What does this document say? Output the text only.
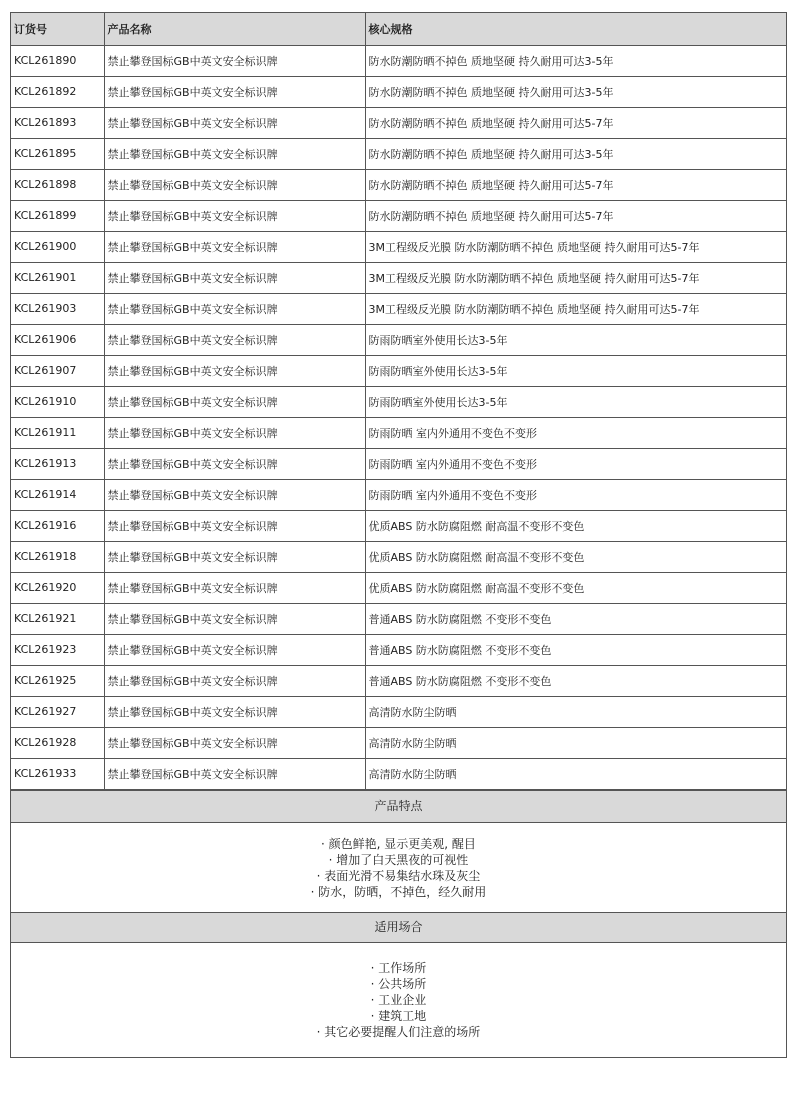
订货号	产品名称	核心规格
KCL261890	禁止攀登国标GB中英文安全标识牌	防水防潮防晒不掉色 质地坚硬 持久耐用可达3-5年
KCL261892	禁止攀登国标GB中英文安全标识牌	防水防潮防晒不掉色 质地坚硬 持久耐用可达3-5年
KCL261893	禁止攀登国标GB中英文安全标识牌	防水防潮防晒不掉色 质地坚硬 持久耐用可达5-7年
KCL261895	禁止攀登国标GB中英文安全标识牌	防水防潮防晒不掉色 质地坚硬 持久耐用可达3-5年
KCL261898	禁止攀登国标GB中英文安全标识牌	防水防潮防晒不掉色 质地坚硬 持久耐用可达5-7年
KCL261899	禁止攀登国标GB中英文安全标识牌	防水防潮防晒不掉色 质地坚硬 持久耐用可达5-7年
KCL261900	禁止攀登国标GB中英文安全标识牌	3M工程级反光膜 防水防潮防晒不掉色 质地坚硬 持久耐用可达5-7年
KCL261901	禁止攀登国标GB中英文安全标识牌	3M工程级反光膜 防水防潮防晒不掉色 质地坚硬 持久耐用可达5-7年
KCL261903	禁止攀登国标GB中英文安全标识牌	3M工程级反光膜 防水防潮防晒不掉色 质地坚硬 持久耐用可达5-7年
KCL261906	禁止攀登国标GB中英文安全标识牌	防雨防晒室外使用长达3-5年
KCL261907	禁止攀登国标GB中英文安全标识牌	防雨防晒室外使用长达3-5年
KCL261910	禁止攀登国标GB中英文安全标识牌	防雨防晒室外使用长达3-5年
KCL261911	禁止攀登国标GB中英文安全标识牌	防雨防晒 室内外通用不变色不变形
KCL261913	禁止攀登国标GB中英文安全标识牌	防雨防晒 室内外通用不变色不变形
KCL261914	禁止攀登国标GB中英文安全标识牌	防雨防晒 室内外通用不变色不变形
KCL261916	禁止攀登国标GB中英文安全标识牌	优质ABS 防水防腐阻燃 耐高温不变形不变色
KCL261918	禁止攀登国标GB中英文安全标识牌	优质ABS 防水防腐阻燃 耐高温不变形不变色
KCL261920	禁止攀登国标GB中英文安全标识牌	优质ABS 防水防腐阻燃 耐高温不变形不变色
KCL261921	禁止攀登国标GB中英文安全标识牌	普通ABS 防水防腐阻燃 不变形不变色
KCL261923	禁止攀登国标GB中英文安全标识牌	普通ABS 防水防腐阻燃 不变形不变色
KCL261925	禁止攀登国标GB中英文安全标识牌	普通ABS 防水防腐阻燃 不变形不变色
KCL261927	禁止攀登国标GB中英文安全标识牌	高清防水防尘防晒
KCL261928	禁止攀登国标GB中英文安全标识牌	高清防水防尘防晒
KCL261933	禁止攀登国标GB中英文安全标识牌	高清防水防尘防晒
产品特点
· 颜色鲜艳, 显示更美观, 醒目
· 增加了白天黑夜的可视性
· 表面光滑不易集结水珠及灰尘
· 防水，防晒，不掉色，经久耐用
适用场合
· 工作场所
· 公共场所
· 工业企业
· 建筑工地
· 其它必要提醒人们注意的场所
